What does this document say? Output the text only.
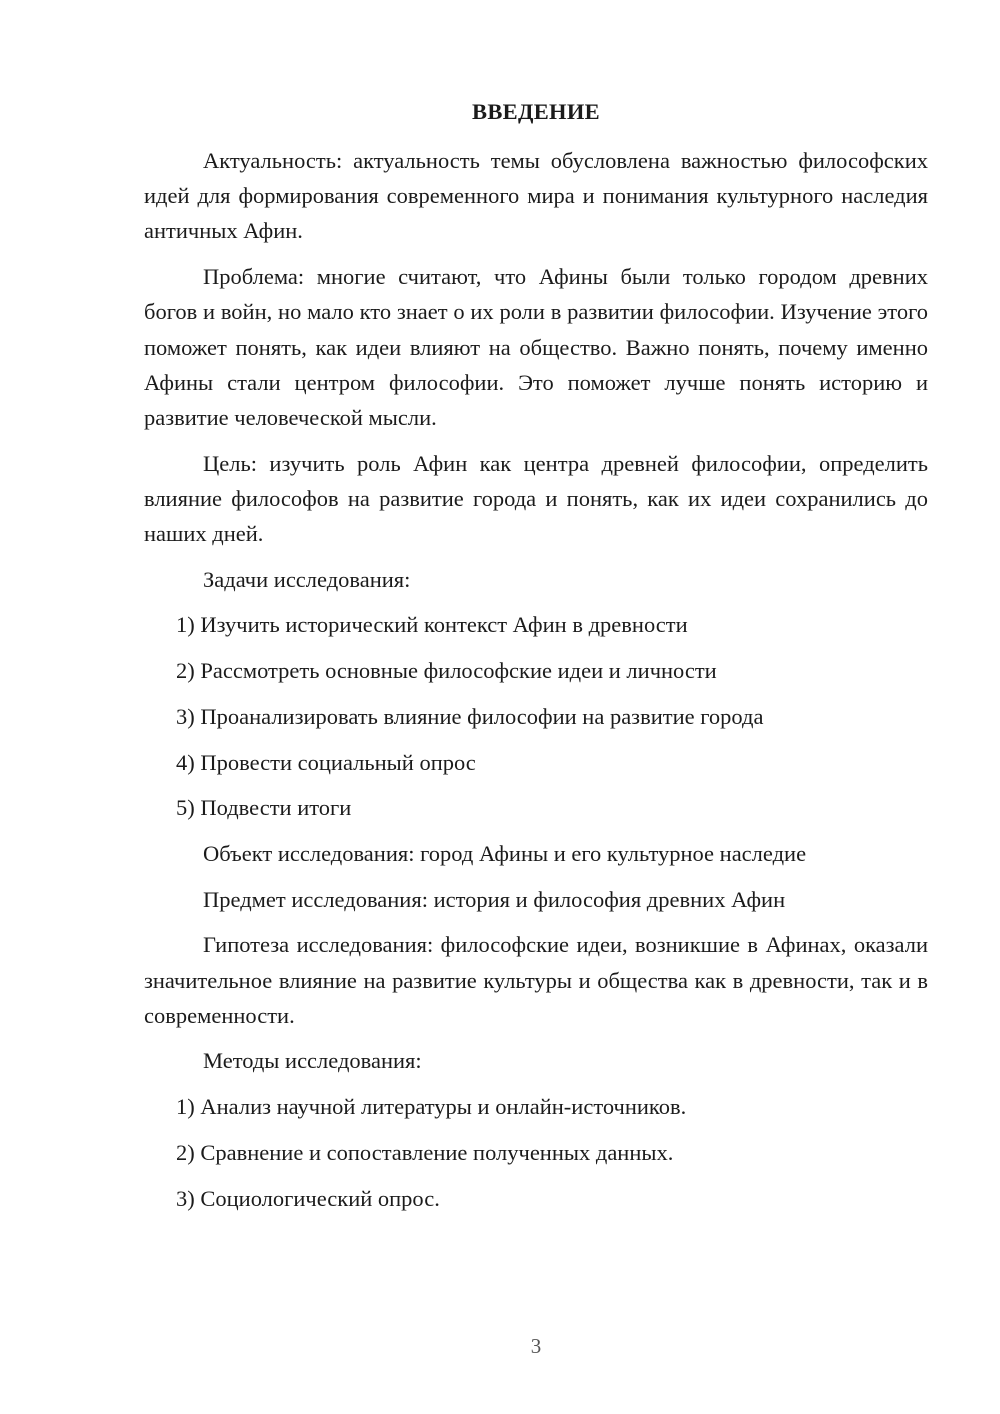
ВВЕДЕНИЕ

Актуальность: актуальность темы обусловлена важностью философских идей для формирования современного мира и понимания культурного наследия античных Афин.

Проблема: многие считают, что Афины были только городом древних богов и войн, но мало кто знает о их роли в развитии философии. Изучение этого поможет понять, как идеи влияют на общество. Важно понять, почему именно Афины стали центром философии. Это поможет лучше понять историю и развитие человеческой мысли.

Цель: изучить роль Афин как центра древней философии, определить влияние философов на развитие города и понять, как их идеи сохранились до наших дней.

Задачи исследования:
1) Изучить исторический контекст Афин в древности
2) Рассмотреть основные философские идеи и личности
3) Проанализировать влияние философии на развитие города
4) Провести социальный опрос
5) Подвести итоги
Объект исследования: город Афины и его культурное наследие
Предмет исследования: история и философия древних Афин

Гипотеза исследования: философские идеи, возникшие в Афинах, оказали значительное влияние на развитие культуры и общества как в древности, так и в современности.

Методы исследования:
1) Анализ научной литературы и онлайн-источников.
2) Сравнение и сопоставление полученных данных.
3) Социологический опрос.
3
